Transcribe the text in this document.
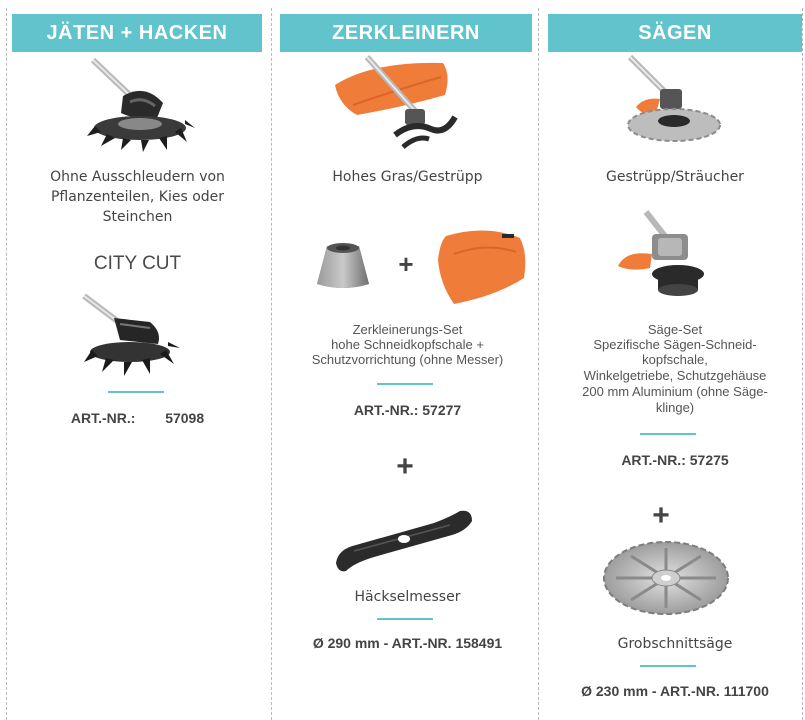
JÄTEN + HACKEN
Ohne Ausschleudern von Pflanzenteilen, Kies oder Steinchen
CITY CUT
ART.-NR.: 57098
ZERKLEINERN
Hohes Gras/Gestrüpp
+
Zerkleinerungs-Set
hohe Schneidkopfschale +
Schutzvorrichtung (ohne Messer)
ART.-NR.: 57277
+
Häckselmesser
Ø 290 mm - ART.-NR. 158491
SÄGEN
Gestrüpp/Sträucher
Säge-Set
Spezifische Sägen-Schneid-
kopfschale,
Winkelgetriebe, Schutzgehäuse
200 mm Aluminium (ohne Säge-
klinge)
ART.-NR.: 57275
+
Grobschnittsäge
Ø 230 mm - ART.-NR. 111700
